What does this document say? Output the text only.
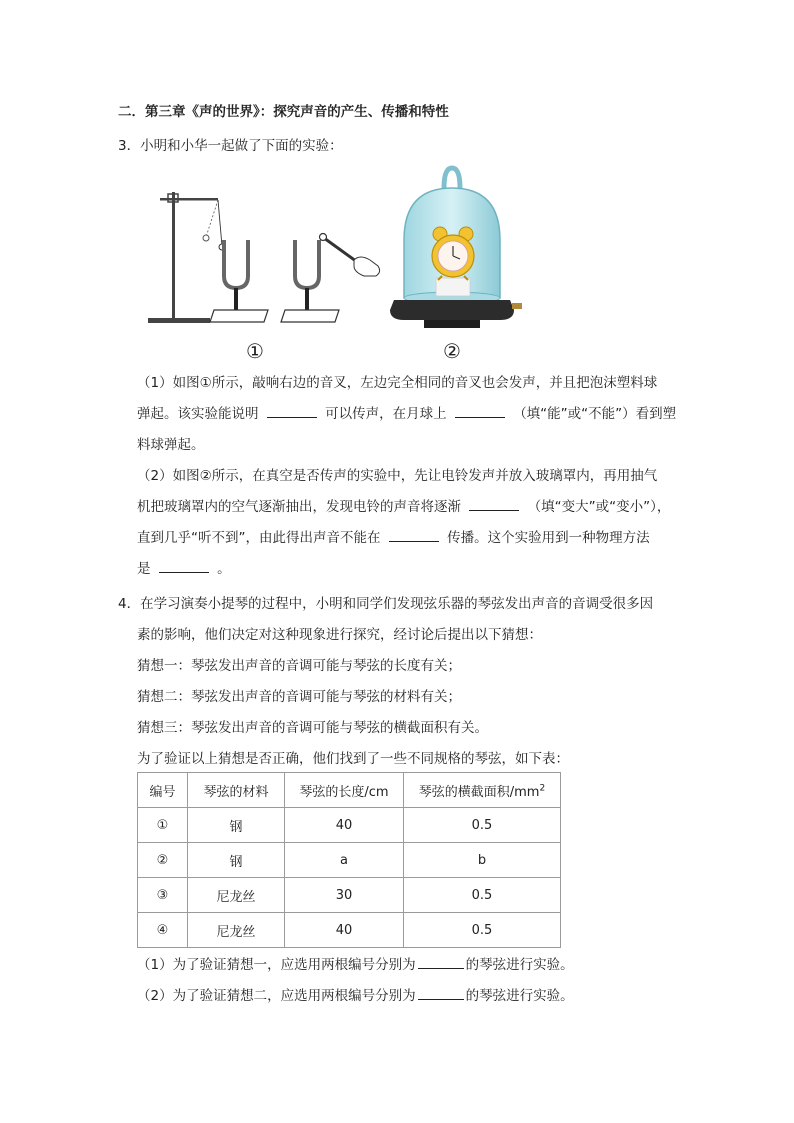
二．第三章《声的世界》：探究声音的产生、传播和特性
3．小明和小华一起做了下面的实验：
①	②
（1）如图①所示，敲响右边的音叉，左边完全相同的音叉也会发声，并且把泡沫塑料球
弹起。该实验能说明	可以传声，在月球上	（填“能”或“不能”）看到塑
料球弹起。
（2）如图②所示，在真空是否传声的实验中，先让电铃发声并放入玻璃罩内，再用抽气
机把玻璃罩内的空气逐渐抽出，发现电铃的声音将逐渐	（填“变大”或“变小”），
直到几乎“听不到”，由此得出声音不能在	传播。这个实验用到一种物理方法
是	。
4．在学习演奏小提琴的过程中，小明和同学们发现弦乐器的琴弦发出声音的音调受很多因
素的影响，他们决定对这种现象进行探究，经讨论后提出以下猜想：
猜想一：琴弦发出声音的音调可能与琴弦的长度有关；
猜想二：琴弦发出声音的音调可能与琴弦的材料有关；
猜想三：琴弦发出声音的音调可能与琴弦的横截面积有关。
为了验证以上猜想是否正确，他们找到了一些不同规格的琴弦，如下表：
编号	琴弦的材料	琴弦的长度/cm	琴弦的横截面积$/mm^2$
①	钢	40	0.5
②	钢	a	b
③	尼龙丝	30	0.5
④	尼龙丝	40	0.5
（1）为了验证猜想一，应选用两根编号分别为	的琴弦进行实验。
（2）为了验证猜想二，应选用两根编号分别为	的琴弦进行实验。
